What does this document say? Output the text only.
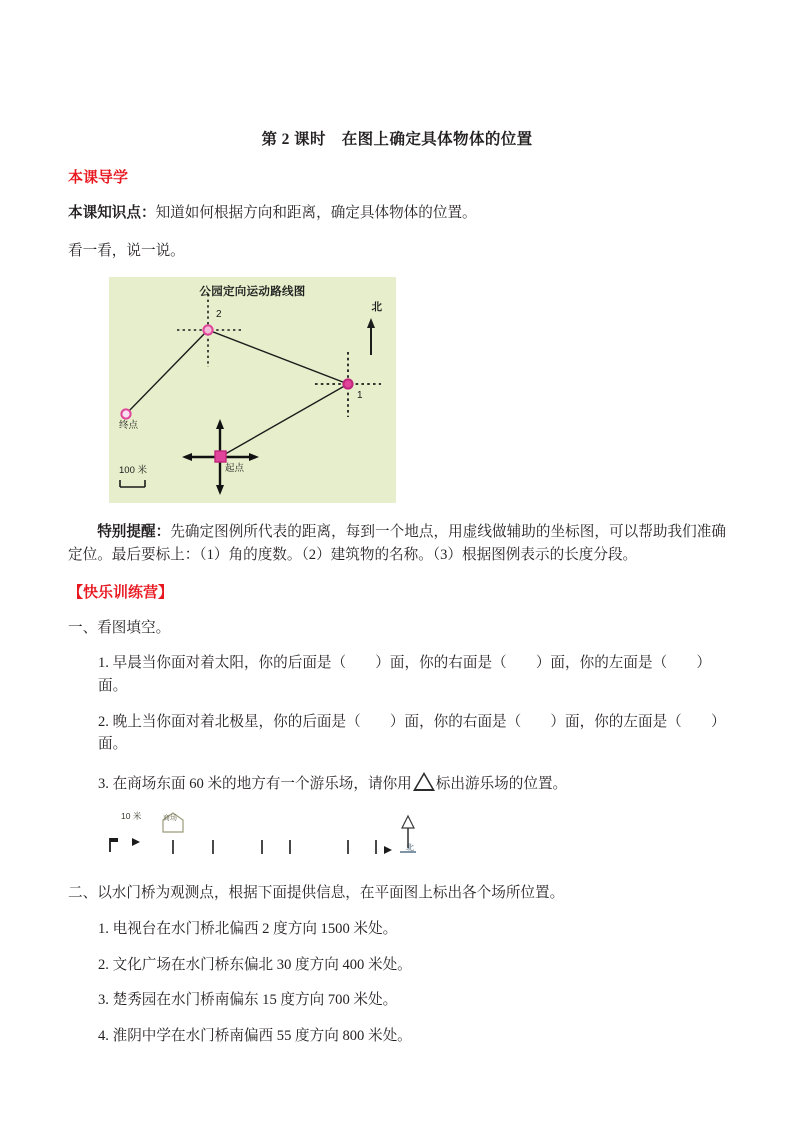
第 2 课时　在图上确定具体物体的位置
本课导学

本课知识点：知道如何根据方向和距离，确定具体物体的位置。

看一看，说一说。

公园定向运动路线图
北
2
1
终点
起点
100 米

特别提醒：先确定图例所代表的距离，每到一个地点，用虚线做辅助的坐标图，可以帮助我们准确定位。最后要标上：（1）角的度数。（2）建筑物的名称。（3）根据图例表示的长度分段。

【快乐训练营】
一、看图填空。
1. 早晨当你面对着太阳，你的后面是（　　）面，你的右面是（　　）面，你的左面是（　　）面。
2. 晚上当你面对着北极星，你的后面是（　　）面，你的右面是（　　）面，你的左面是（　　）面。
3. 在商场东面 60 米的地方有一个游乐场，请你用 标出游乐场的位置。
10 米	商场
北
二、以水门桥为观测点，根据下面提供信息，在平面图上标出各个场所位置。
1. 电视台在水门桥北偏西 2 度方向 1500 米处。
2. 文化广场在水门桥东偏北 30 度方向 400 米处。
3. 楚秀园在水门桥南偏东 15 度方向 700 米处。
4. 淮阴中学在水门桥南偏西 55 度方向 800 米处。
